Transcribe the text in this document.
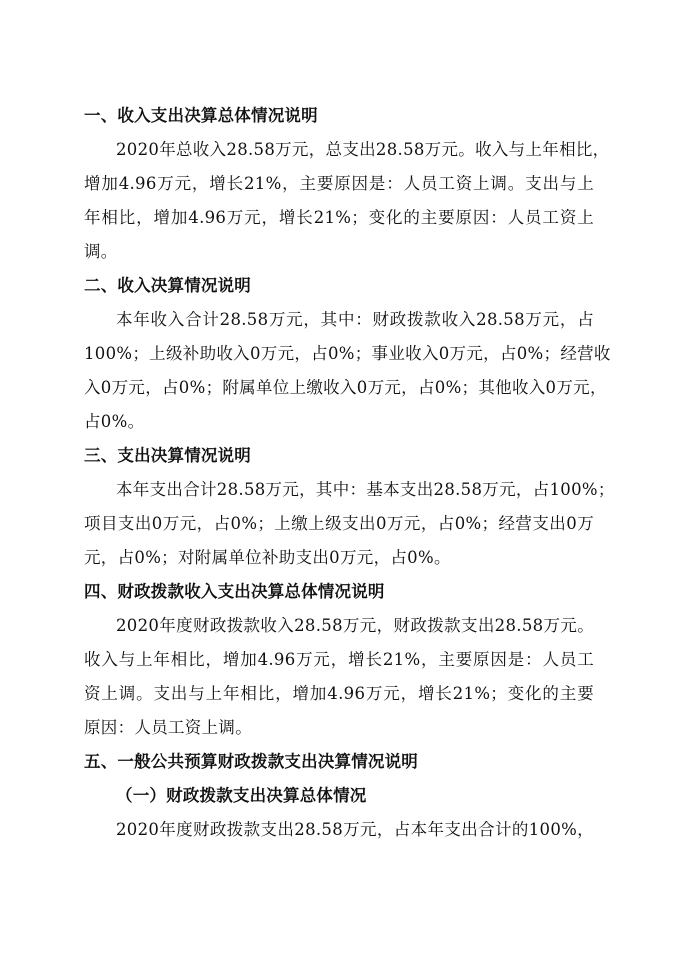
一、收入支出决算总体情况说明
2020年总收入28.58万元，总支出28.58万元。收入与上年相比，
增加4.96万元，增长21%，主要原因是：人员工资上调。支出与上
年相比，增加4.96万元，增长21%；变化的主要原因：人员工资上
调。
二、收入决算情况说明
本年收入合计28.58万元，其中：财政拨款收入28.58万元，占
100%；上级补助收入0万元，占0%；事业收入0万元，占0%；经营收
入0万元，占0%；附属单位上缴收入0万元，占0%；其他收入0万元，
占0%。
三、支出决算情况说明
本年支出合计28.58万元，其中：基本支出28.58万元，占100%；
项目支出0万元，占0%；上缴上级支出0万元，占0%；经营支出0万
元，占0%；对附属单位补助支出0万元，占0%。
四、财政拨款收入支出决算总体情况说明
2020年度财政拨款收入28.58万元，财政拨款支出28.58万元。
收入与上年相比，增加4.96万元，增长21%，主要原因是：人员工
资上调。支出与上年相比，增加4.96万元，增长21%；变化的主要
原因：人员工资上调。
五、一般公共预算财政拨款支出决算情况说明
（一）财政拨款支出决算总体情况
2020年度财政拨款支出28.58万元，占本年支出合计的100%，
